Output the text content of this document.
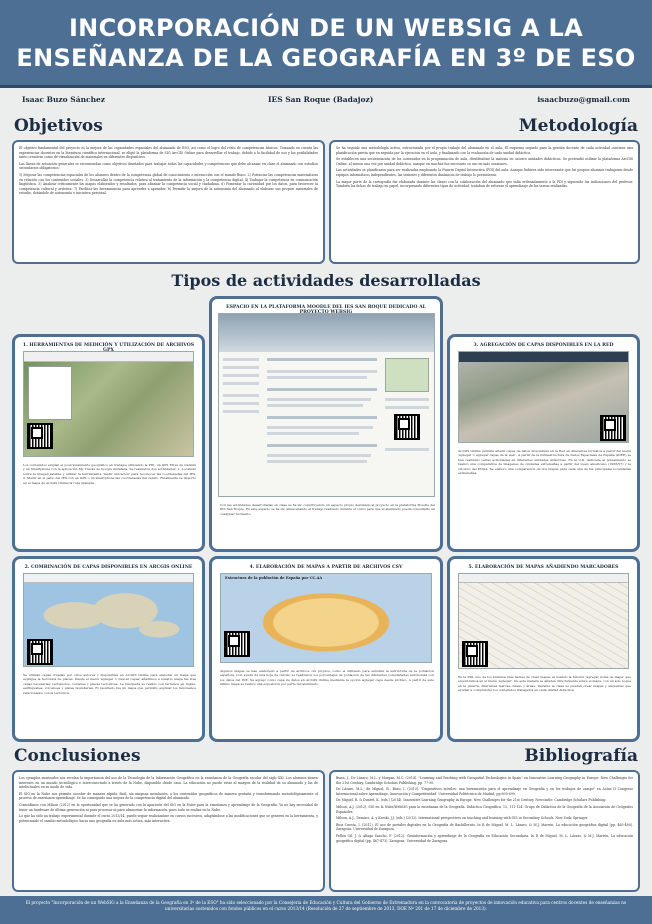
INCORPORACIÓN DE UN WEBSIG A LA
ENSEÑANZA DE LA GEOGRAFÍA EN 3º DE ESO
Isaac Buzo Sánchez	IES San Roque (Badajoz)	isaacbuzo@gmail.com
Objetivos

El objetivo fundamental del proyecto es la mejora de las capacidades espaciales del alumnado de ESO, así como el logro del resto de competencias básicas. Tomando en cuenta las experiencias docentes en la literatura científica internacional, se eligió la plataforma de SIG ArcGIS Online para desarrollar el trabajo, debido a la facilidad de uso y las posibilidades tanto creativas como de visualización de materiales en diferentes dispositivos.

Las líneas de actuación generales se recomiendan como objetivos diseñados para trabajar todas las capacidades y competencias que debe alcanzar en clase el alumnado con estudios secundarios obligatorios:

1) Mejorar las competencias espaciales de los alumnos dentro de la competencia global de conocimiento e interacción con el mundo físico. 2) Potenciar las competencias matemáticas en relación con los contenidos sociales. 3) Desarrollar la competencia relativa al tratamiento de la información y la competencia digital. 4) Trabajar la competencia en comunicación lingüística. 5) Analizar críticamente los mapas elaborados y resultados, para afianzar la competencia social y ciudadana. 6) Fomentar la curiosidad por los datos, para favorecer la competencia cultural y artística. 7) Facilitar las herramientas para aprender a aprender. 8) Permitir la mejora de la autonomía del alumnado al elaborar sus propios materiales de estudio, dotándole de autonomía e iniciativa personal.

Metodología

Se ha seguido una metodología activa, estructurada por el propio trabajo del alumnado en el aula. El esquema seguido para la gestión docente de cada actividad contiene una planificación previa que en seguida por la ejecución en el aula, y finalizando con la evaluación de cada unidad didáctica.

Se establecen una secuenciación de los contenidos en la programación de aula, dividiéndose la materia en catorce unidades didácticas. Se pretendió utilizar la plataforma ArcGIS Online, al menos una vez por unidad didáctica, aunque en muchas fue necesario su uso en más ocasiones.

Las actividades se planificaron para ser realizadas empleando la Pizarra Digital Interactiva (PDI) del aula. Aunque hubiera sido interesante que los propios alumnos trabajasen desde equipos informáticos independientes, las sesiones y diferentes dinámicas de trabajo lo permitieron.

La mayor parte de la cartografía fue elaborada durante las clases con la colaboración del alumnado que salía ordenadamente a la PDI y siguiendo las indicaciones del profesor. También las fichas de trabajo en papel, incorporando diferentes tipos de actividad, trataban de reforzar el aprendizaje de las tareas realizadas.

Tipos de actividades desarrolladas
ESPACIO EN LA PLATAFORMA MOODLE DEL IES SAN ROQUE DEDICADO AL
Con las actividades desarrolladas en clase se ha ido construyendo un espacio propio destinado al proyecto en la plataforma Moodle del IES San Roque. En este espacio se ha ido almacenando el trabajo realizado durante el curso para que el alumnado pueda consultarlo en cualquier momento.
1. HERRAMIENTAS DE MEDICIÓN Y UTILIZACIÓN DE ARCHIVOS
Los contenidos exigían el posicionamiento geográfico en trabajos utilizando la PDI, un GPS Etrex de Garmin y un Smartphone con la aplicación My Tracks de Google instalada. Se realizaron dos actividades: 1. Localizar sobre la imagen satélite y utilizar la herramienta 'medir ubicación' para reconocer las coordenadas del IES. 2. Medir en el patio del IES con un GPS o un smartphone las coordenadas del centro. Finalmente se importó en el mapa de ArcGIS Online la ruta grabada.
3. AGREGACIÓN DE CAPAS DISPONIBLES EN LA RED
ArcGIS Online permite añadir capas de datos disponibles en la Red en diferentes formatos a partir del menú 'agregar > agregar capas de la web'. A partir de la Infraestructura de Datos Espaciales de España (IDEE) se han realizado varias actividades en diferentes unidades didácticas. En la U.D. dedicada al poblamiento se realizó una comparativa de imágenes de ciudades extremeñas a partir del vuelo americano (1956/57) y la ortofoto del PNOA. Se elaboró una comparación de dos mapas para cada una de las principales localidades extremeñas.
2. COMBINACIÓN DE CAPAS DISPONIBLES EN ARCGIS ONLINE
Se utilizan capas creadas por otros autores y disponibles en ArcGIS Online para elaborar un mapa que explique la tectónica de placas. Desde el menú 'agregar > buscar capas' añadimos a nuestro mapa las tres capas necesarias: terremotos, volcanes y placas tectónicas. La búsqueda se realizó con términos en inglés: earthquakes, volcanoes y plates boundaries. El resultado fue un mapa que permitió explicar los fenómenos relacionados con la tectónica.
4. ELABORACIÓN DE MAPAS A PARTIR DE ARCHIVOS CSV
Estructura de la población de España por CC.AA
Algunos mapas se han elaborado a partir de archivos csv propios, como el utilizado para estudiar la estructura de la población española. Con ayuda de una hoja de cálculo se realizaron los porcentajes de población de las diferentes comunidades autónomas con los datos del INE. Se agregó como capa de datos en ArcGIS Online mediante la opción agregar capa desde archivo. A partir de este último mapa se realizó una exposición por parte del alumnado.
5. ELABORACIÓN DE MAPAS AÑADIENDO MARCADORES
En la PDI, uno de los alumnos más fáciles de crear mapas es usando la función 'agregar notas de mapa' que encontramos en el menú 'agregar'. De esta manera se añaden directamente sobre el mapa, con un solo toque en la pizarra, diferentes marcas, líneas y áreas. Durante la clase se pueden crear mapas y esquemas que ayuden a comprender los contenidos trabajados en cada unidad didáctica.
Conclusiones

Los ejemplos mostrados nos revelan la importancia del uso de la Tecnología de la Información Geográfica en la enseñanza de la Geografía escolar del siglo XXI. Los alumnos tienen intereses en un mundo tecnológico e interconectado a través de la Nube, disponible desde casa. La educación no puede estar al margen de la realidad de su alumnado y las de intelectuales en su modo de vida.

El SIG en la Nube nos permite acceder de manera rápida, fácil, sin ninguna instalación, a los contenidos geográficos de manera gratuita y transformando metodológicamente el proceso de enseñanza-aprendizaje. Se ha conseguido una mejora de la competencia digital del alumnado.

Coincidimos con Milson (2012) en la oportunidad que se ha generado con la aparición del SIG en la Nube para la enseñanza y aprendizaje de la Geografía. Ya no hay necesidad de tener un hardware de última generación ni para procesar ni para almacenar la información, pues todo se realiza en la Nube.

Lo que ha sido un trabajo experimental durante el curso 2013/14, puede seguir realizándose en cursos sucesivos, adaptándose a las modificaciones que se generen en la herramienta, y potenciando el cambio metodológico hacia una geografía en aula más activa, más interactiva.

Bibliografía

Bunn, J., De Lázaro, M.L. y Morgan, M.C. (2014). "Learning and Teaching with Geospatial Technologies in Spain" en Innovative Learning Geography in Europe: New Challenges for the 21st Century. Cambridge Scholars Publishing, pp. 77-90.

De Lázaro, M.L.; de Miguel, R.; Buzo, I. (2013). "Dispositivos móviles: una herramienta para el aprendizaje en Geografía y en los trabajos de campo" en Actas II Congreso Internacional sobre Aprendizaje, Innovación y Competitividad. Universidad Politécnica de Madrid, pp 695-699.

De Miguel, R. & Donert, K. (eds.) (2014). Innovative Learning Geography in Europe. New Challenges for the 21st Century. Newcastle: Cambridge Scholars Publishing.

Milson, A.J. (2012). SIG en la Nube/WebSIG para la enseñanza de la Geografía. Didáctica Geográfica, 13, 111-124. Grupo de Didáctica de la Geografía de la Asociación de Geógrafos Españoles.

Milson, A.J., Demirci, A. y Kerski, J.J. (eds.) (2012). International perspectives on teaching and learning with GIS in Secondary Schools. New York: Springer.

Ruiz Cuesta, I. (2012). El uso de portales digitales en la Geografía de Bachillerato. In R de Miguel, M. L. Lázaro, & M.J. Marrón, La educación geográfica digital (pp. 465-480). Zaragoza: Universidad de Zaragoza.

Pellón Gil, J. & Aliaga Sancho, F. (2012). Geoinformación y aprendizaje de la Geografía en Educación Secundaria. In R de Miguel, M. L. Lázaro, & M.J. Marrón, La educación geográfica digital (pp. 467-473). Zaragoza, Universidad de Zaragoza.

El proyecto "Incorporación de un WebSIG a la Enseñanza de la Geografía en 3º de la ESO" ha sido seleccionado por la Consejería de Educación y Cultura del Gobierno de Extremadura en la convocatoria de proyectos de innovación educativa para centros docentes de enseñanzas no universitarias sostenidos con fondos públicos en el curso 2013/14 (Resolución de 27 de septiembre de 2013, DOE Nº 201 de 17 de diciembre de 2013).
